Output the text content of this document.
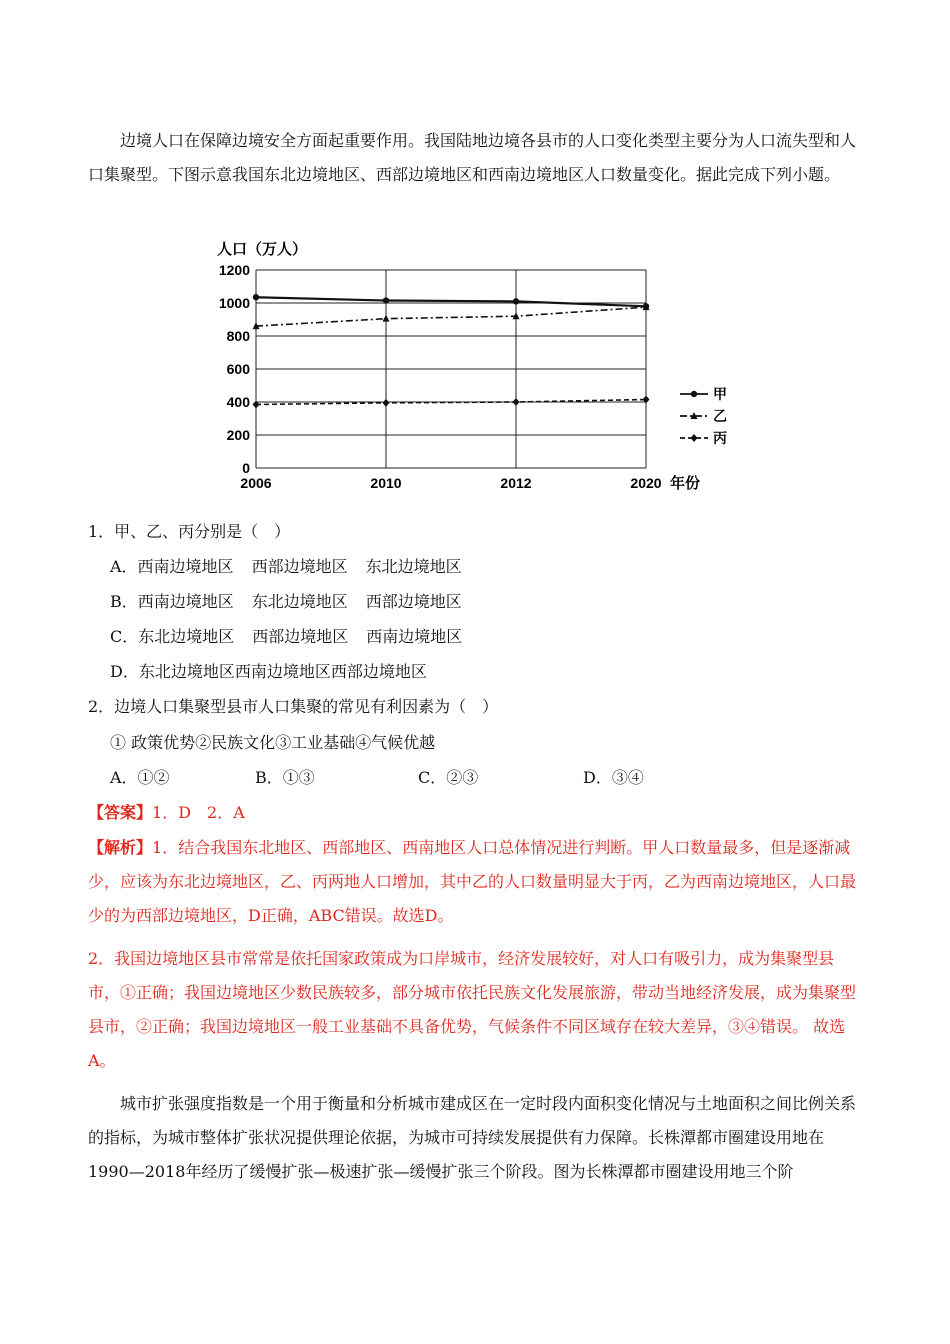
边境人口在保障边境安全方面起重要作用。我国陆地边境各县市的人口变化类型主要分为人口流失型和人口集聚型。下图示意我国东北边境地区、西部边境地区和西南边境地区人口数量变化。据此完成下列小题。

人口（万人）
1200
1000
800
600
400
200
0
2006	2010	2012	2020
甲
乙
丙
年份
1．甲、乙、丙分别是（　）
A．西南边境地区 西部边境地区 东北边境地区
B．西南边境地区 东北边境地区 西部边境地区
C．东北边境地区 西部边境地区 西南边境地区
D．东北边境地区西南边境地区西部边境地区
2．边境人口集聚型县市人口集聚的常见有利因素为（　）
① 政策优势②民族文化③工业基础④气候优越
A．①②	B．①③	C．②③	D．③④
【答案】1．D　2．A

【解析】1．结合我国东北地区、西部地区、西南地区人口总体情况进行判断。甲人口数量最多，但是逐渐减少，应该为东北边境地区，乙、丙两地人口增加，其中乙的人口数量明显大于丙，乙为西南边境地区，人口最少的为西部边境地区，D正确，ABC错误。故选D。

2．我国边境地区县市常常是依托国家政策成为口岸城市，经济发展较好，对人口有吸引力，成为集聚型县市，①正确；我国边境地区少数民族较多，部分城市依托民族文化发展旅游，带动当地经济发展，成为集聚型县市，②正确；我国边境地区一般工业基础不具备优势，气候条件不同区域存在较大差异，③④错误。 故选A。

城市扩张强度指数是一个用于衡量和分析城市建成区在一定时段内面积变化情况与土地面积之间比例关系的指标，为城市整体扩张状况提供理论依据，为城市可持续发展提供有力保障。长株潭都市圈建设用地在1990—2018年经历了缓慢扩张—极速扩张—缓慢扩张三个阶段。图为长株潭都市圈建设用地三个阶
